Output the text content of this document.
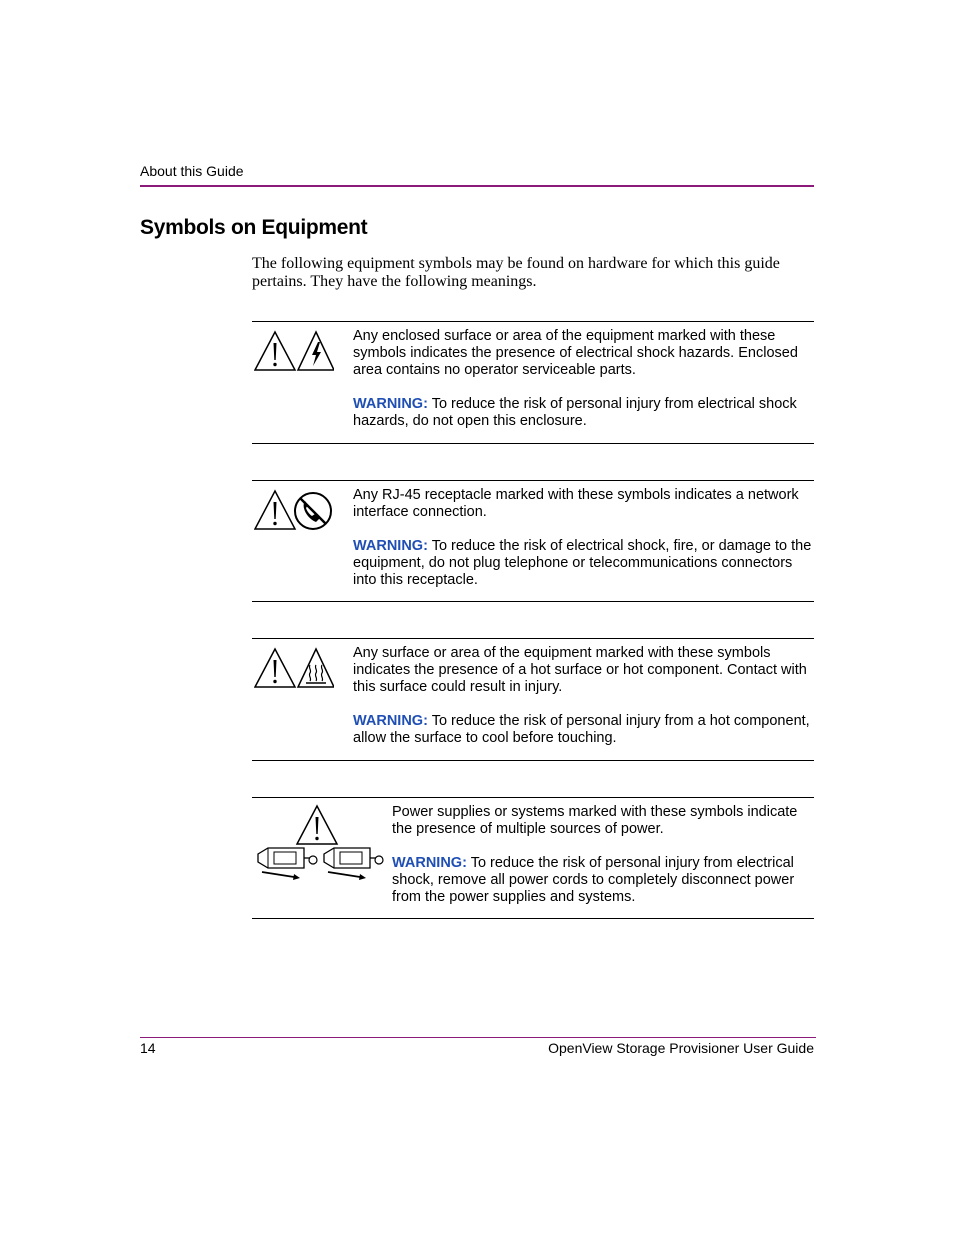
About this Guide
Symbols on Equipment

The following equipment symbols may be found on hardware for which this guide pertains. They have the following meanings.

Any enclosed surface or area of the equipment marked with these symbols indicates the presence of electrical shock hazards. Enclosed area contains no operator serviceable parts.

WARNING: To reduce the risk of personal injury from electrical shock hazards, do not open this enclosure.

Any RJ-45 receptacle marked with these symbols indicates a network interface connection.

WARNING: To reduce the risk of electrical shock, fire, or damage to the equipment, do not plug telephone or telecommunications connectors into this receptacle.

Any surface or area of the equipment marked with these symbols indicates the presence of a hot surface or hot component. Contact with this surface could result in injury.

WARNING: To reduce the risk of personal injury from a hot component, allow the surface to cool before touching.

Power supplies or systems marked with these symbols indicate the presence of multiple sources of power.

WARNING: To reduce the risk of personal injury from electrical shock, remove all power cords to completely disconnect power from the power supplies and systems.

14	OpenView Storage Provisioner User Guide
